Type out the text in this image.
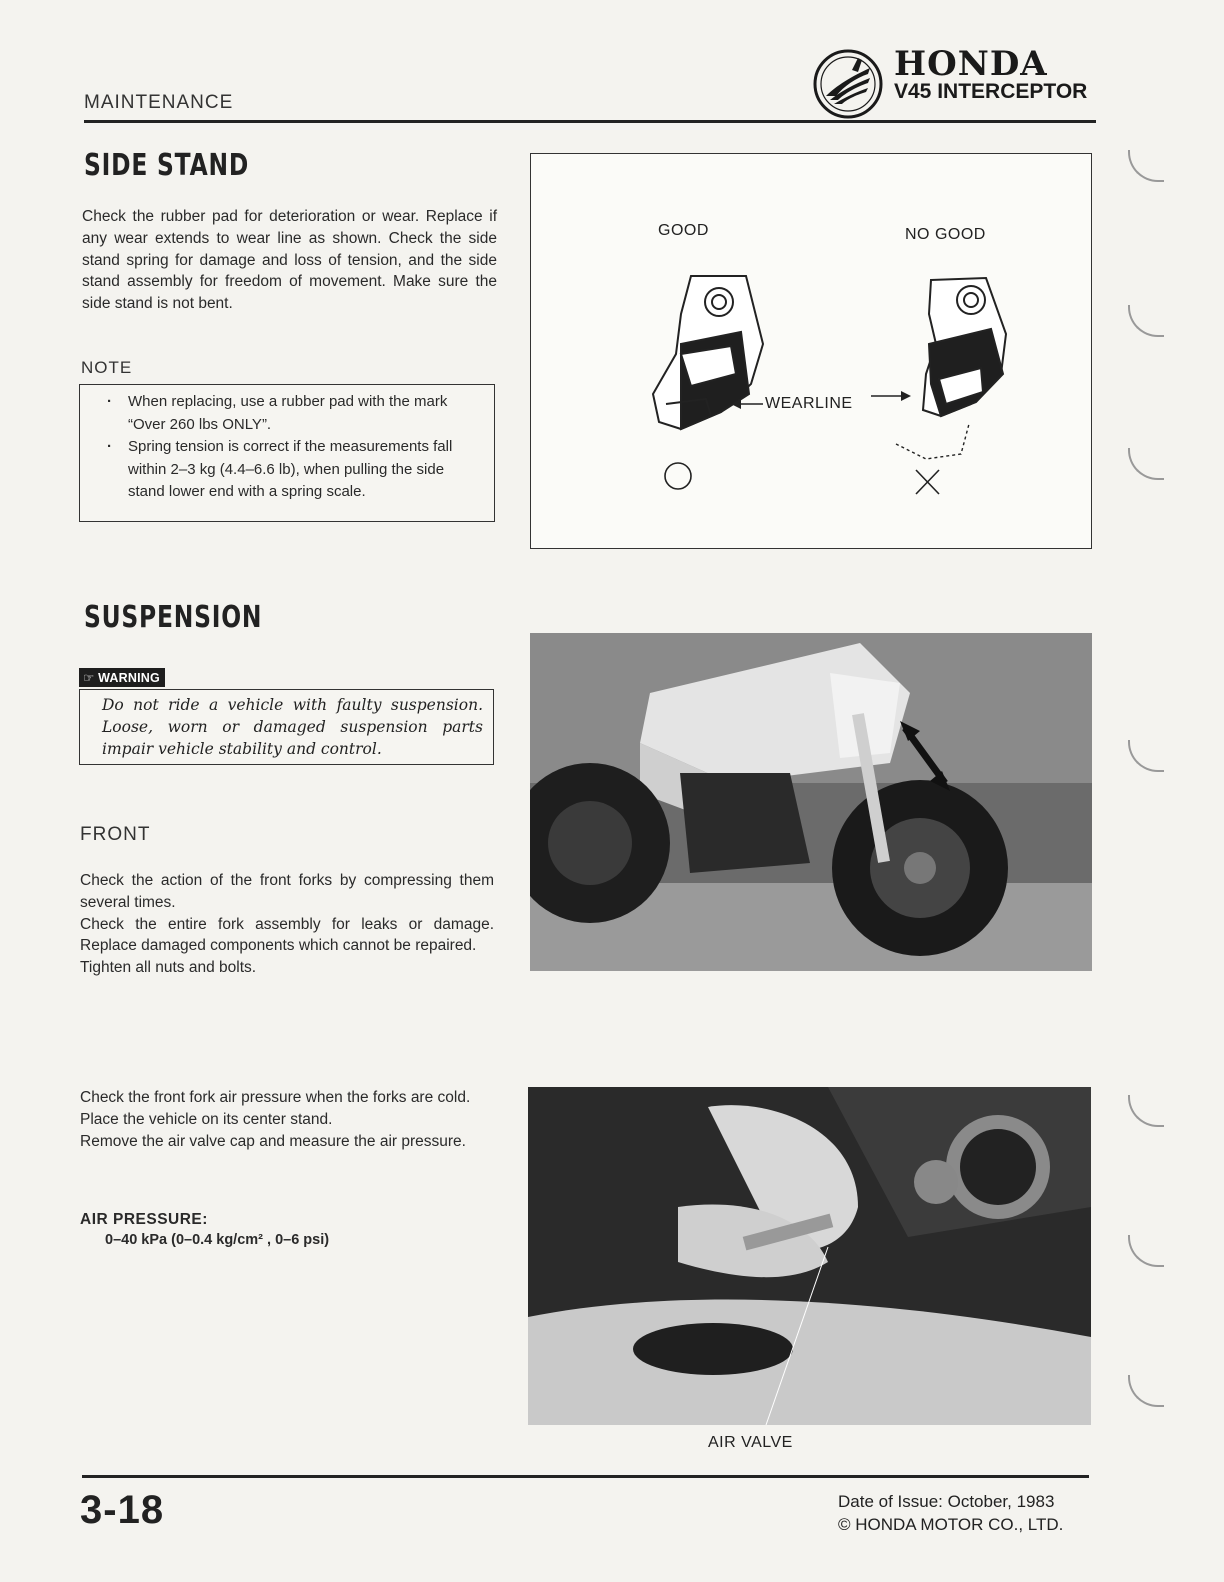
MAINTENANCE
HONDA
V45 INTERCEPTOR
SIDE STAND
Check the rubber pad for deterioration or wear. Replace if any wear extends to wear line as shown. Check the side stand spring for damage and loss of tension, and the side stand assembly for freedom of movement. Make sure the side stand is not bent.
NOTE
· When replacing, use a rubber pad with the mark “Over 260 lbs ONLY”.
· Spring tension is correct if the measurements fall within 2–3 kg (4.4–6.6 lb), when pulling the side stand lower end with a spring scale.
GOOD	NO GOOD
WEARLINE
SUSPENSION
☞ WARNING
Do not ride a vehicle with faulty suspension. Loose, worn or damaged suspension parts impair vehicle stability and control.
FRONT
Check the action of the front forks by compressing them several times.
Check the entire fork assembly for leaks or damage. Replace damaged components which cannot be repaired.
Tighten all nuts and bolts.
Check the front fork air pressure when the forks are cold.
Place the vehicle on its center stand.
Remove the air valve cap and measure the air pressure.
AIR PRESSURE:
0–40 kPa (0–0.4 kg/cm² , 0–6 psi)
AIR VALVE
3-18	Date of Issue: October, 1983
© HONDA MOTOR CO., LTD.
